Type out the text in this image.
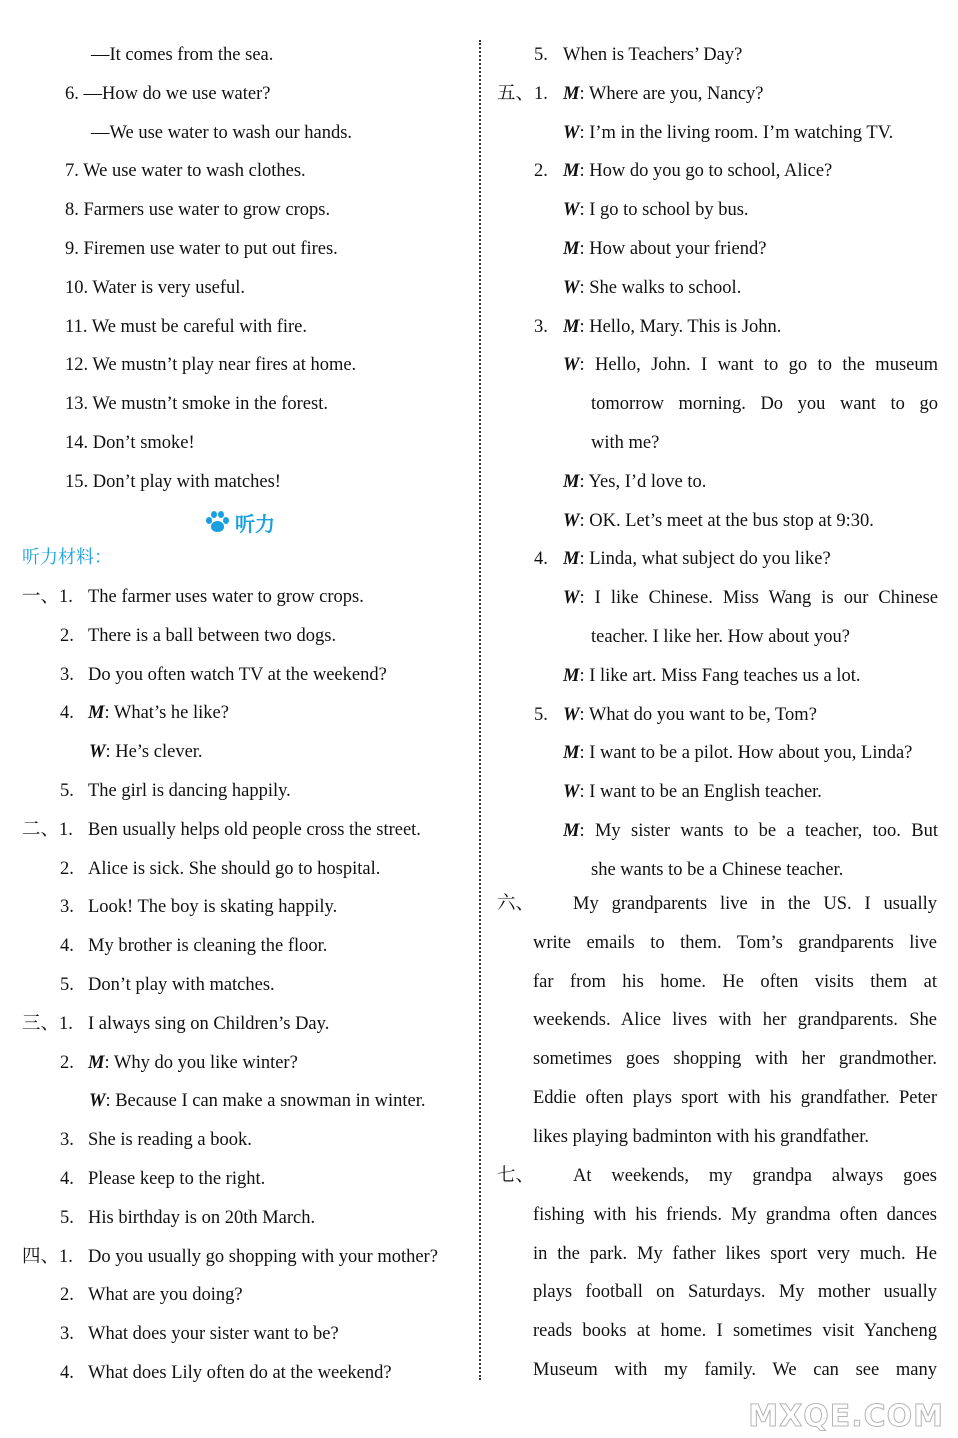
—It comes from the sea.
6. —How do we use water?
—We use water to wash our hands.
7. We use water to wash clothes.
8. Farmers use water to grow crops.
9. Firemen use water to put out fires.
10. Water is very useful.
11. We must be careful with fire.
12. We mustn’t play near fires at home.
13. We mustn’t smoke in the forest.
14. Don’t smoke!
15. Don’t play with matches!
听力
听力材料：
一、1. The farmer uses water to grow crops.
2. There is a ball between two dogs.
3. Do you often watch TV at the weekend?
4. M: What’s he like?
W: He’s clever.
5. The girl is dancing happily.
二、1. Ben usually helps old people cross the street.
2. Alice is sick. She should go to hospital.
3. Look! The boy is skating happily.
4. My brother is cleaning the floor.
5. Don’t play with matches.
三、1. I always sing on Children’s Day.
2. M: Why do you like winter?
W: Because I can make a snowman in winter.
3. She is reading a book.
4. Please keep to the right.
5. His birthday is on 20th March.
四、1. Do you usually go shopping with your mother?
2. What are you doing?
3. What does your sister want to be?
4. What does Lily often do at the weekend?
5. When is Teachers’ Day?
五、1. M: Where are you, Nancy?
W: I’m in the living room. I’m watching TV.
2. M: How do you go to school, Alice?
W: I go to school by bus.
M: How about your friend?
W: She walks to school.
3. M: Hello, Mary. This is John.
W: Hello, John. I want to go to the museum
tomorrow morning. Do you want to go
with me?
M: Yes, I’d love to.
W: OK. Let’s meet at the bus stop at 9:30.
4. M: Linda, what subject do you like?
W: I like Chinese. Miss Wang is our Chinese
teacher. I like her. How about you?
M: I like art. Miss Fang teaches us a lot.
5. W: What do you want to be, Tom?
M: I want to be a pilot. How about you, Linda?
W: I want to be an English teacher.
M: My sister wants to be a teacher, too. But
she wants to be a Chinese teacher.
六、 My grandparents live in the US. I usually
write emails to them. Tom’s grandparents live
far from his home. He often visits them at
weekends. Alice lives with her grandparents. She
sometimes goes shopping with her grandmother.
Eddie often plays sport with his grandfather. Peter
likes playing badminton with his grandfather.
七、 At weekends, my grandpa always goes
fishing with his friends. My grandma often dances
in the park. My father likes sport very much. He
plays football on Saturdays. My mother usually
reads books at home. I sometimes visit Yancheng
Museum with my family. We can see many
MXQE.COM
